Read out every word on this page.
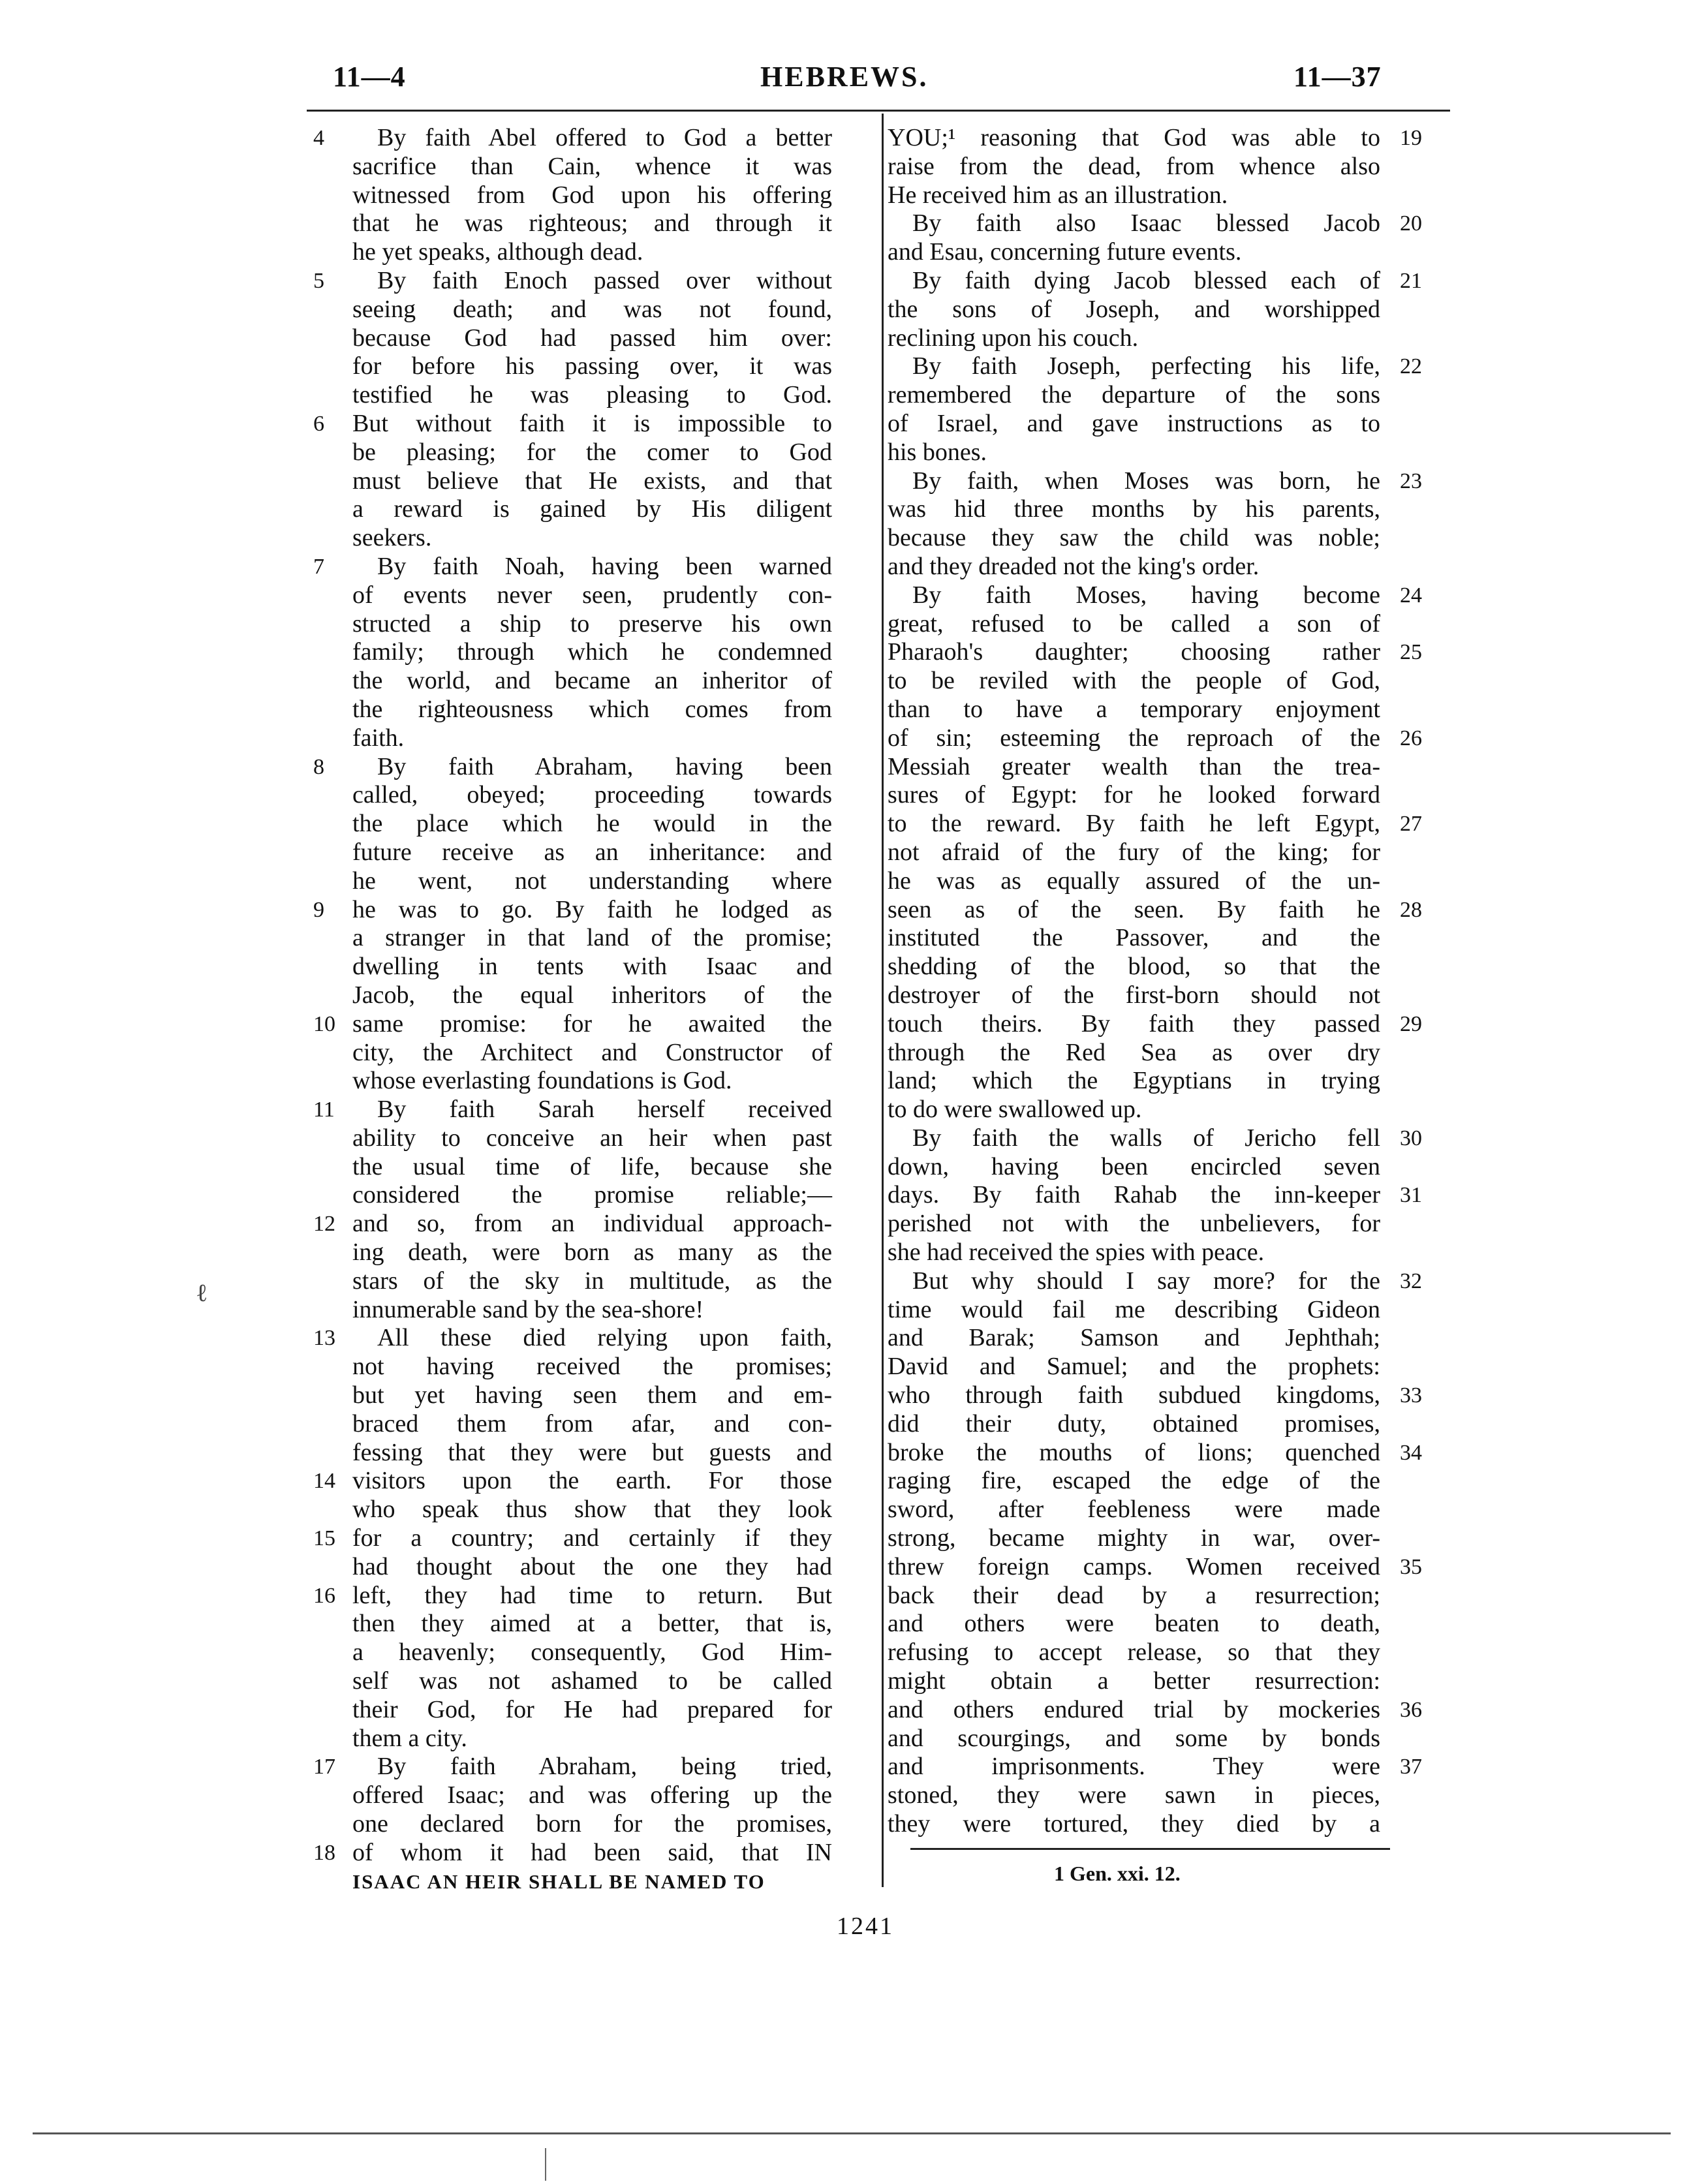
11—4	HEBREWS.	11—37
By faith Abel offered to God a better
4
sacrifice than Cain, whence it was
witnessed from God upon his offering
that he was righteous; and through it
he yet speaks, although dead.
By faith Enoch passed over without
5
seeing death; and was not found,
because God had passed him over:
for before his passing over, it was
testified he was pleasing to God.
But without faith it is impossible to
6
be pleasing; for the comer to God
must believe that He exists, and that
a reward is gained by His diligent
seekers.
By faith Noah, having been warned
7
of events never seen, prudently con-
structed a ship to preserve his own
family; through which he condemned
the world, and became an inheritor of
the righteousness which comes from
faith.
By faith Abraham, having been
8
called, obeyed; proceeding towards
the place which he would in the
future receive as an inheritance: and
he went, not understanding where
he was to go. By faith he lodged as
9
a stranger in that land of the promise;
dwelling in tents with Isaac and
Jacob, the equal inheritors of the
same promise: for he awaited the
10
city, the Architect and Constructor of
whose everlasting foundations is God.
By faith Sarah herself received
11
ability to conceive an heir when past
the usual time of life, because she
considered the promise reliable;—
and so, from an individual approach-
12
ing death, were born as many as the
stars of the sky in multitude, as the
innumerable sand by the sea-shore!
All these died relying upon faith,
13
not having received the promises;
but yet having seen them and em-
braced them from afar, and con-
fessing that they were but guests and
visitors upon the earth. For those
14
who speak thus show that they look
for a country; and certainly if they
15
had thought about the one they had
left, they had time to return. But
16
then they aimed at a better, that is,
a heavenly; consequently, God Him-
self was not ashamed to be called
their God, for He had prepared for
them a city.
By faith Abraham, being tried,
17
offered Isaac; and was offering up the
one declared born for the promises,
of whom it had been said, that IN
18
ISAAC AN HEIR SHALL BE NAMED TO
YOU;¹ reasoning that God was able to 19
raise from the dead, from whence also
He received him as an illustration.
By faith also Isaac blessed Jacob 20
and Esau, concerning future events.
By faith dying Jacob blessed each of 21
the sons of Joseph, and worshipped
reclining upon his couch.
By faith Joseph, perfecting his life, 22
remembered the departure of the sons
of Israel, and gave instructions as to
his bones.
By faith, when Moses was born, he 23
was hid three months by his parents,
because they saw the child was noble;
and they dreaded not the king's order.
By faith Moses, having become 24
great, refused to be called a son of
Pharaoh's daughter; choosing rather 25
to be reviled with the people of God,
than to have a temporary enjoyment
of sin; esteeming the reproach of the 26
Messiah greater wealth than the trea-
sures of Egypt: for he looked forward
to the reward. By faith he left Egypt, 27
not afraid of the fury of the king; for
he was as equally assured of the un-
seen as of the seen. By faith he 28
instituted the Passover, and the
shedding of the blood, so that the
destroyer of the first-born should not
touch theirs. By faith they passed 29
through the Red Sea as over dry
land; which the Egyptians in trying
to do were swallowed up.
By faith the walls of Jericho fell 30
down, having been encircled seven
days. By faith Rahab the inn-keeper 31
perished not with the unbelievers, for
she had received the spies with peace.
But why should I say more? for the 32
time would fail me describing Gideon
and Barak; Samson and Jephthah;
David and Samuel; and the prophets:
who through faith subdued kingdoms, 33
did their duty, obtained promises,
broke the mouths of lions; quenched 34
raging fire, escaped the edge of the
sword, after feebleness were made
strong, became mighty in war, over-
threw foreign camps. Women received 35
back their dead by a resurrection;
and others were beaten to death,
refusing to accept release, so that they
might obtain a better resurrection:
and others endured trial by mockeries 36
and scourgings, and some by bonds
and imprisonments. They were 37
stoned, they were sawn in pieces,
they were tortured, they died by a
1 Gen. xxi. 12.
1241
ℓ
